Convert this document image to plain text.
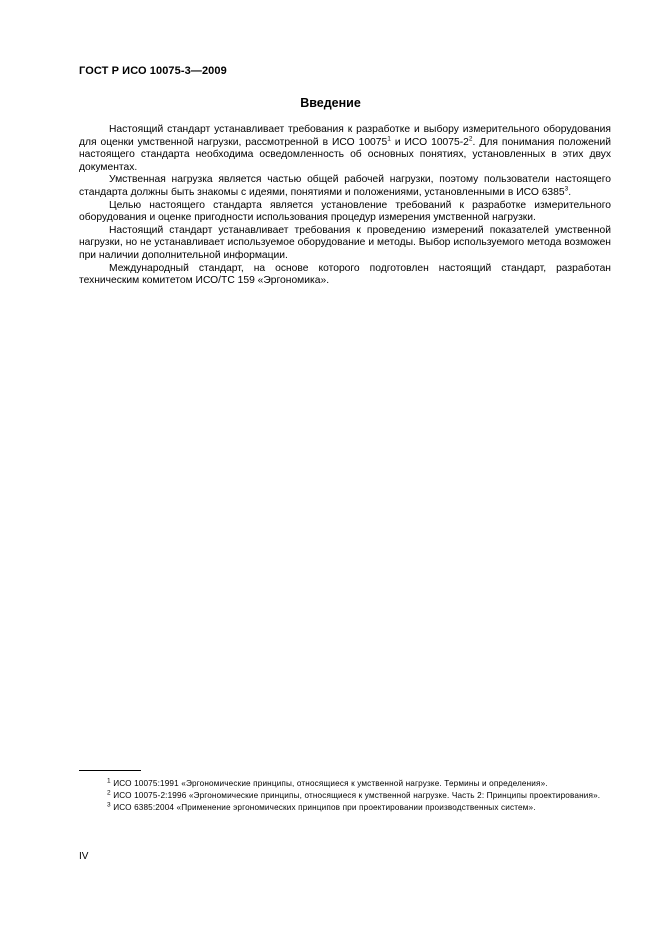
ГОСТ Р ИСО 10075-3—2009
Введение

Настоящий стандарт устанавливает требования к разработке и выбору измерительного оборудования для оценки умственной нагрузки, рассмотренной в ИСО 10075$^1$ и ИСО $10075-2^2$. Для понимания положений настоящего стандарта необходима осведомленность об основных понятиях, установленных в этих двух документах.

Умственная нагрузка является частью общей рабочей нагрузки, поэтому пользователи настоящего стандарта должны быть знакомы с идеями, понятиями и положениями, установленными в ИСО 6385$^3$.

Целью настоящего стандарта является установление требований к разработке измерительного оборудования и оценке пригодности использования процедур измерения умственной нагрузки.

Настоящий стандарт устанавливает требования к проведению измерений показателей умственной нагрузки, но не устанавливает используемое оборудование и методы. Выбор используемого метода возможен при наличии дополнительной информации.

Международный стандарт, на основе которого подготовлен настоящий стандарт, разработан техническим комитетом ИСО/ТС 159 «Эргономика».

$^1$ ИСО 10075:1991 «Эргономические принципы, относящиеся к умственной нагрузке. Термины и определения».

$^2$ ИСО 10075-2:1996 «Эргономические принципы, относящиеся к умственной нагрузке. Часть 2: Принципы проектирования».

$^3$ ИСО 6385:2004 «Применение эргономических принципов при проектировании производственных систем».

IV
